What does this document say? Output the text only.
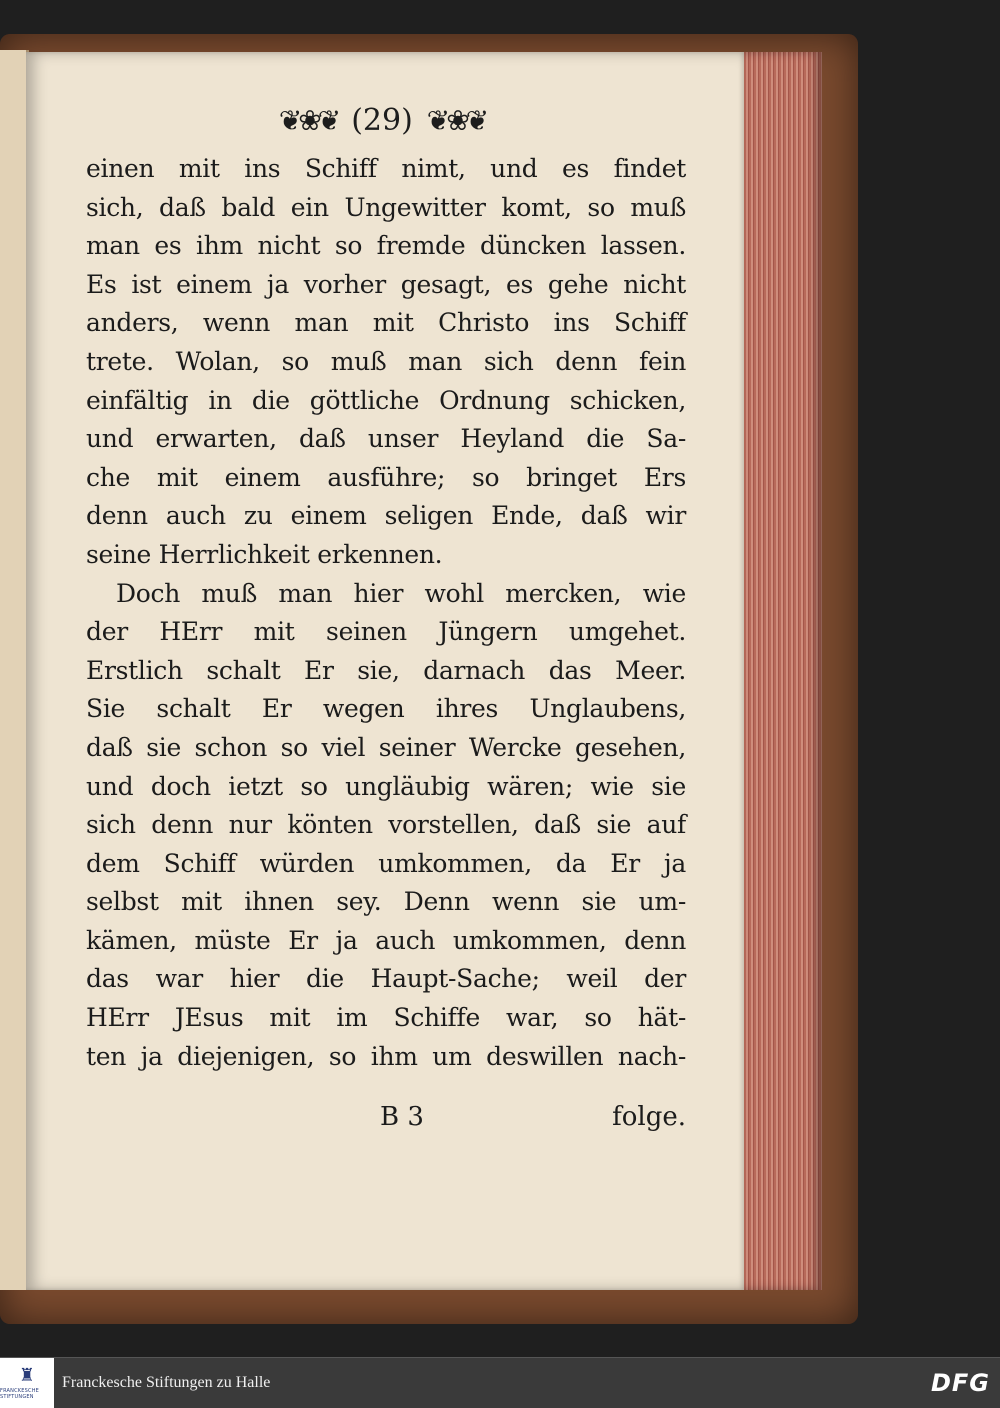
❦❀❦ (29) ❦❀❦
einen mit ins Schiff nimt, und es findet
sich, daß bald ein Ungewitter komt, so muß
man es ihm nicht so fremde düncken lassen.
Es ist einem ja vorher gesagt, es gehe nicht
anders, wenn man mit Christo ins Schiff
trete. Wolan, so muß man sich denn fein
einfältig in die göttliche Ordnung schicken,
und erwarten, daß unser Heyland die Sa-
che mit einem ausführe; so bringet Ers
denn auch zu einem seligen Ende, daß wir
seine Herrlichkeit erkennen.
Doch muß man hier wohl mercken, wie
der HErr mit seinen Jüngern umgehet.
Erstlich schalt Er sie, darnach das Meer.
Sie schalt Er wegen ihres Unglaubens,
daß sie schon so viel seiner Wercke gesehen,
und doch ietzt so ungläubig wären; wie sie
sich denn nur könten vorstellen, daß sie auf
dem Schiff würden umkommen, da Er ja
selbst mit ihnen sey. Denn wenn sie um-
kämen, müste Er ja auch umkommen, denn
das war hier die Haupt-Sache; weil der
HErr JEsus mit im Schiffe war, so hät-
ten ja diejenigen, so ihm um deswillen nach-
B 3	folge.
♜
FRANCKESCHE STIFTUNGEN
Franckesche Stiftungen zu Halle	DFG
